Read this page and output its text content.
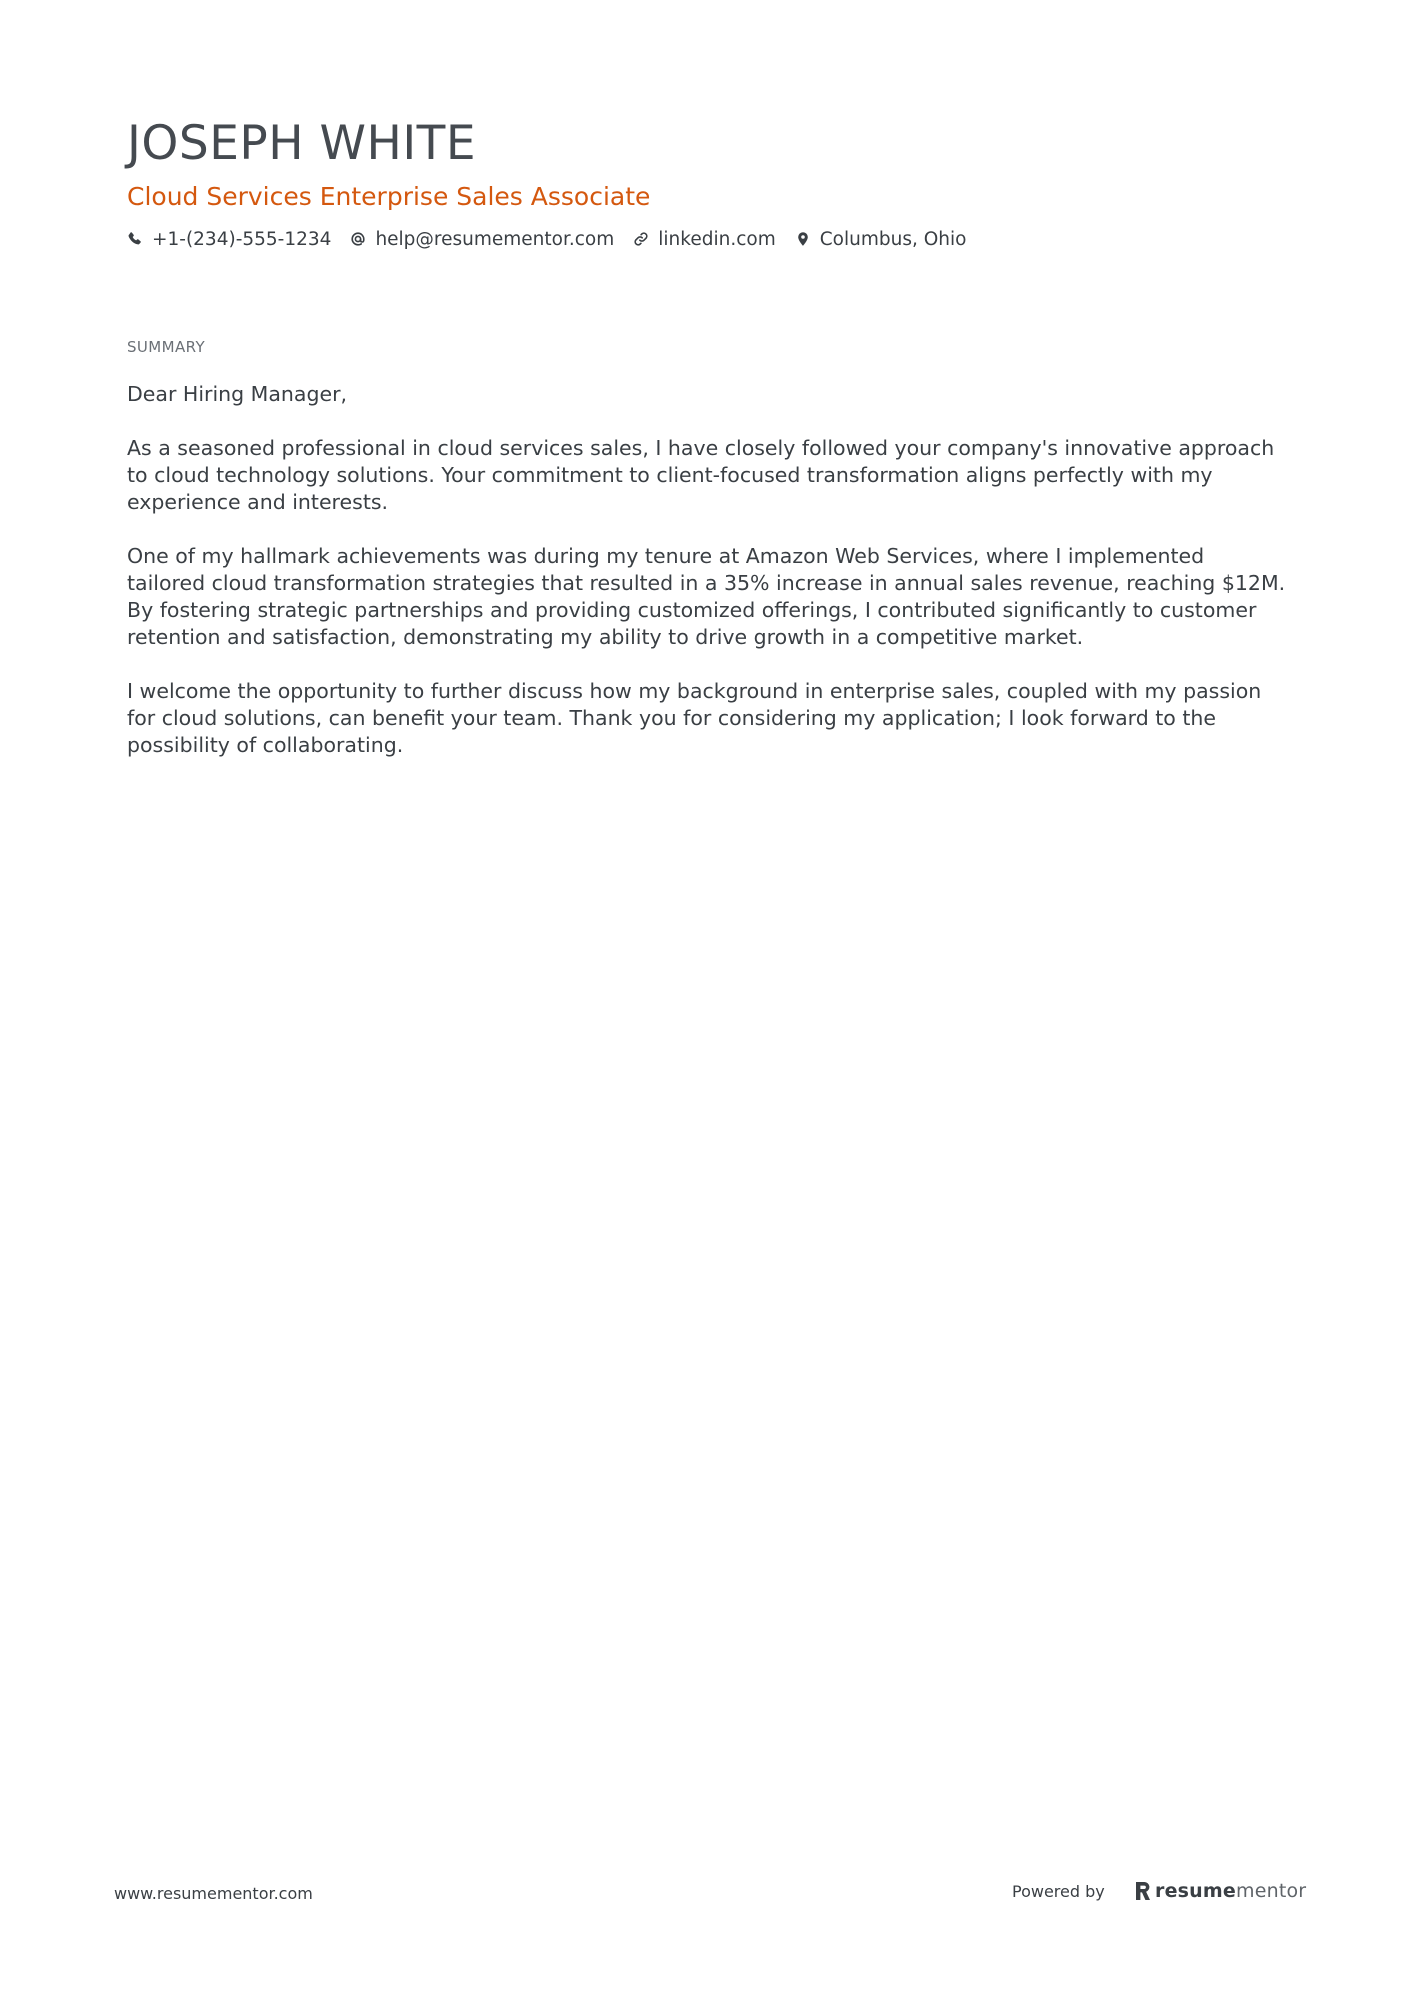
JOSEPH WHITE
Cloud Services Enterprise Sales Associate
+1-(234)-555-1234 help@resumementor.com linkedin.com Columbus, Ohio
SUMMARY

Dear Hiring Manager,

As a seasoned professional in cloud services sales, I have closely followed your company's innovative approach to cloud technology solutions. Your commitment to client-focused transformation aligns perfectly with my experience and interests.

One of my hallmark achievements was during my tenure at Amazon Web Services, where I implemented tailored cloud transformation strategies that resulted in a 35% increase in annual sales revenue, reaching $12M. By fostering strategic partnerships and providing customized offerings, I contributed significantly to customer retention and satisfaction, demonstrating my ability to drive growth in a competitive market.

I welcome the opportunity to further discuss how my background in enterprise sales, coupled with my passion for cloud solutions, can benefit your team. Thank you for considering my application; I look forward to the possibility of collaborating.

www.resumementor.com	Powered by	resumementor
